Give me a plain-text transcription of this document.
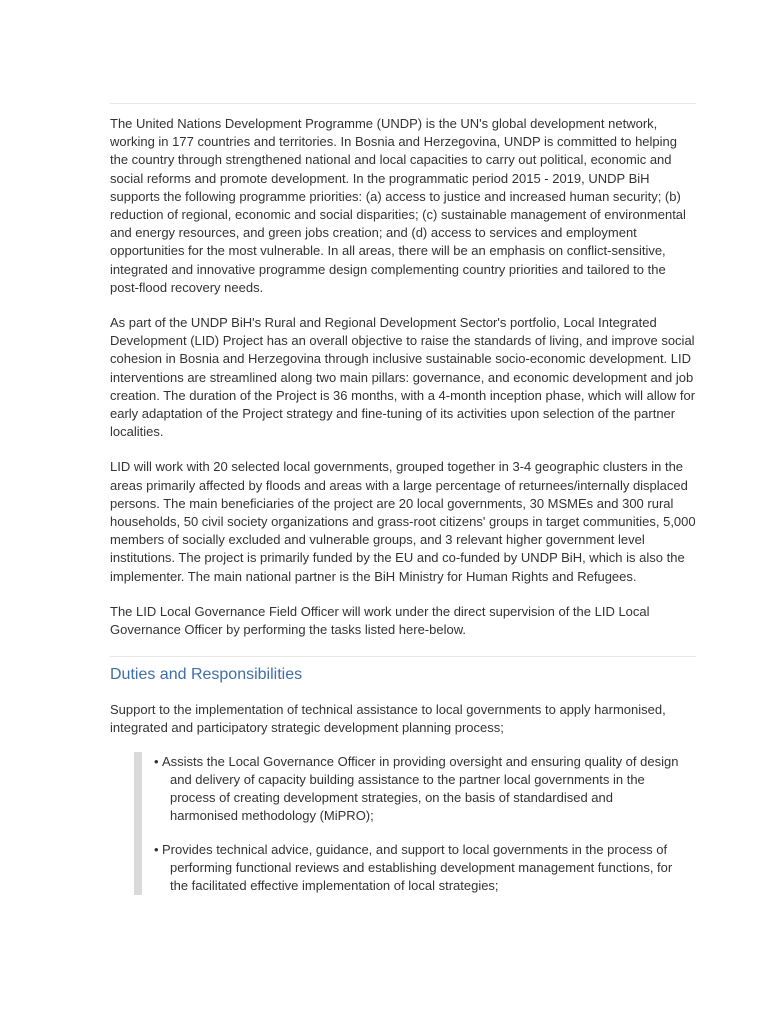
The United Nations Development Programme (UNDP) is the UN's global development network, working in 177 countries and territories. In Bosnia and Herzegovina, UNDP is committed to helping the country through strengthened national and local capacities to carry out political, economic and social reforms and promote development. In the programmatic period 2015 - 2019, UNDP BiH supports the following programme priorities: (a) access to justice and increased human security; (b) reduction of regional, economic and social disparities; (c) sustainable management of environmental and energy resources, and green jobs creation; and (d) access to services and employment opportunities for the most vulnerable. In all areas, there will be an emphasis on conflict-sensitive, integrated and innovative programme design complementing country priorities and tailored to the post-flood recovery needs.

As part of the UNDP BiH's Rural and Regional Development Sector's portfolio, Local Integrated Development (LID) Project has an overall objective to raise the standards of living, and improve social cohesion in Bosnia and Herzegovina through inclusive sustainable socio-economic development. LID interventions are streamlined along two main pillars: governance, and economic development and job creation. The duration of the Project is 36 months, with a 4-month inception phase, which will allow for early adaptation of the Project strategy and fine-tuning of its activities upon selection of the partner localities.

LID will work with 20 selected local governments, grouped together in 3-4 geographic clusters in the areas primarily affected by floods and areas with a large percentage of returnees/internally displaced persons. The main beneficiaries of the project are 20 local governments, 30 MSMEs and 300 rural households, 50 civil society organizations and grass-root citizens' groups in target communities, 5,000 members of socially excluded and vulnerable groups, and 3 relevant higher government level institutions. The project is primarily funded by the EU and co-funded by UNDP BiH, which is also the implementer. The main national partner is the BiH Ministry for Human Rights and Refugees.

The LID Local Governance Field Officer will work under the direct supervision of the LID Local Governance Officer by performing the tasks listed here-below.

Duties and Responsibilities

Support to the implementation of technical assistance to local governments to apply harmonised, integrated and participatory strategic development planning process;

• Assists the Local Governance Officer in providing oversight and ensuring quality of design and delivery of capacity building assistance to the partner local governments in the process of creating development strategies, on the basis of standardised and harmonised methodology (MiPRO);

• Provides technical advice, guidance, and support to local governments in the process of performing functional reviews and establishing development management functions, for the facilitated effective implementation of local strategies;
